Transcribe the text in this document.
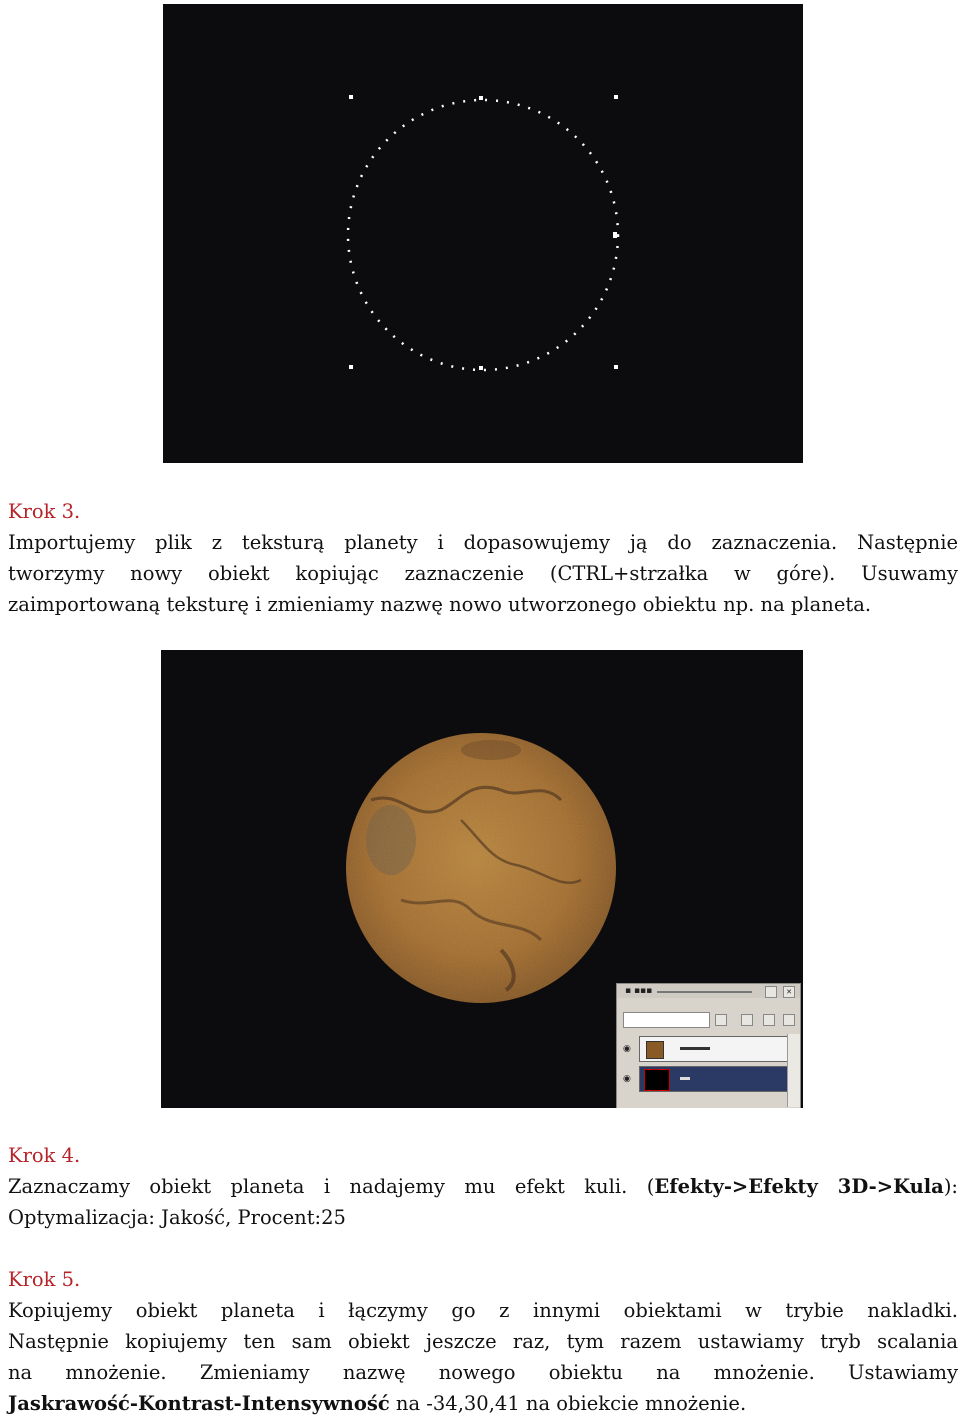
Krok 3.
Importujemy plik z teksturą planety i dopasowujemy ją do zaznaczenia. Następnie
tworzymy nowy obiekt kopiując zaznaczenie (CTRL+strzałka w góre). Usuwamy
zaimportowaną teksturę i zmieniamy nazwę nowo utworzonego obiektu np. na planeta.
▪ ▪▪▪	✕
◉
◉
Krok 4.
Zaznaczamy obiekt planeta i nadajemy mu efekt kuli. (Efekty->Efekty 3D->Kula):
Optymalizacja: Jakość, Procent:25
Krok 5.
Kopiujemy obiekt planeta i łączymy go z innymi obiektami w trybie nakladki.
Następnie kopiujemy ten sam obiekt jeszcze raz, tym razem ustawiamy tryb scalania
na mnożenie. Zmieniamy nazwę nowego obiektu na mnożenie. Ustawiamy
Jaskrawość-Kontrast-Intensywność na -34,30,41 na obiekcie mnożenie.
